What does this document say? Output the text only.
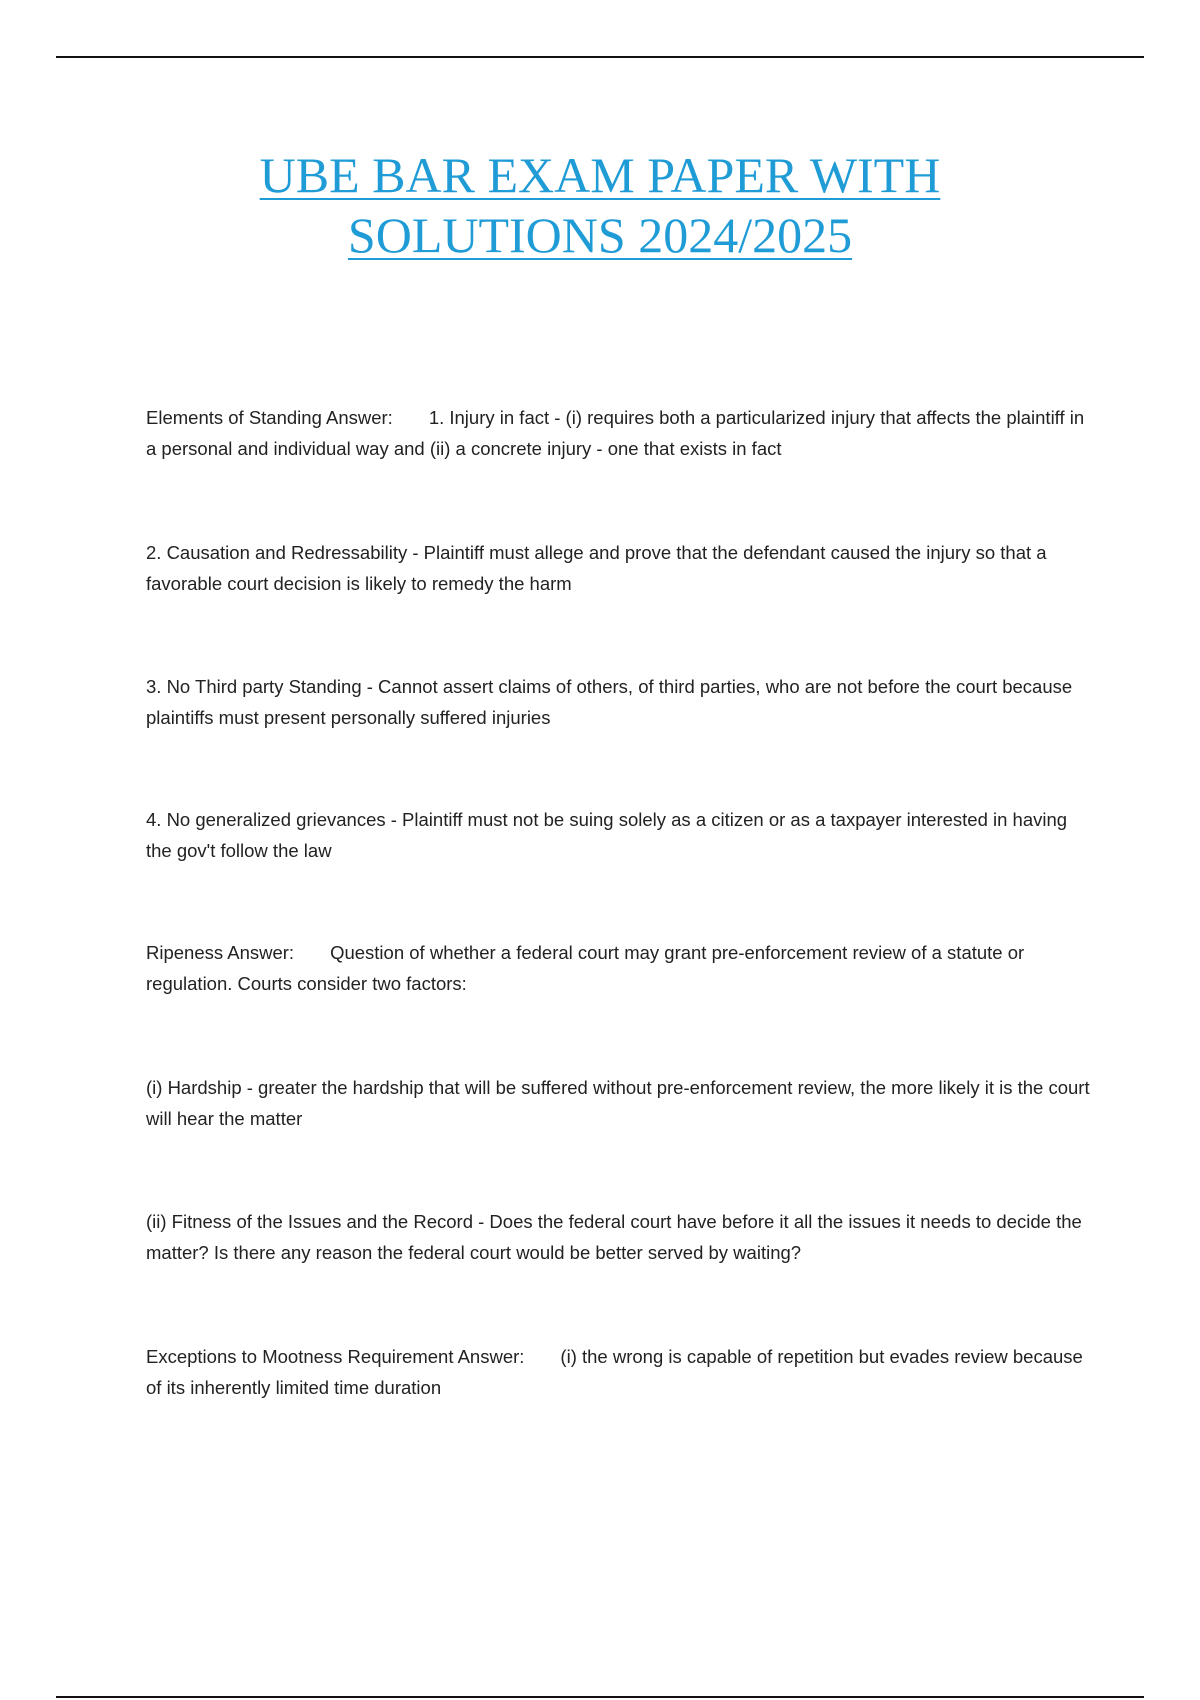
UBE BAR EXAM PAPER WITH
SOLUTIONS 2024/2025

Elements of Standing Answer: 1. Injury in fact - (i) requires both a particularized injury that affects the plaintiff in a personal and individual way and (ii) a concrete injury - one that exists in fact

2. Causation and Redressability - Plaintiff must allege and prove that the defendant caused the injury so that a favorable court decision is likely to remedy the harm

3. No Third party Standing - Cannot assert claims of others, of third parties, who are not before the court because plaintiffs must present personally suffered injuries

4. No generalized grievances - Plaintiff must not be suing solely as a citizen or as a taxpayer interested in having the gov't follow the law

Ripeness Answer: Question of whether a federal court may grant pre-enforcement review of a statute or regulation. Courts consider two factors:

(i) Hardship - greater the hardship that will be suffered without pre-enforcement review, the more likely it is the court will hear the matter

(ii) Fitness of the Issues and the Record - Does the federal court have before it all the issues it needs to decide the matter? Is there any reason the federal court would be better served by waiting?

Exceptions to Mootness Requirement Answer: (i) the wrong is capable of repetition but evades review because of its inherently limited time duration
